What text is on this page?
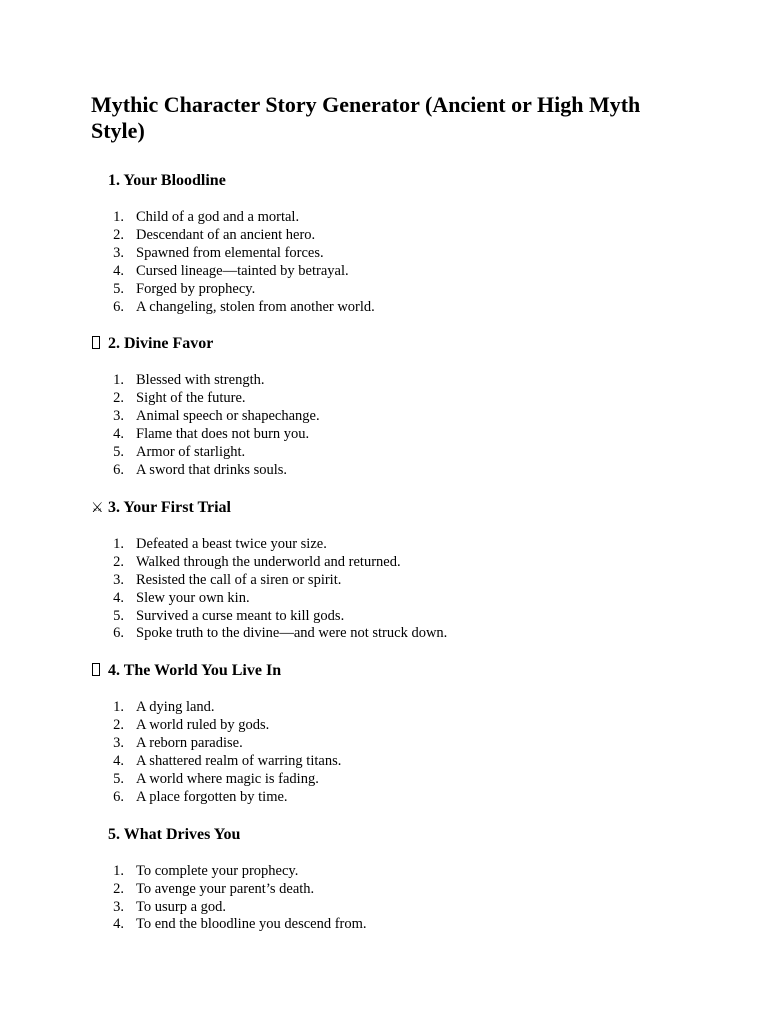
Mythic Character Story Generator (Ancient or High Myth Style)
1. Your Bloodline
1. Child of a god and a mortal.
2. Descendant of an ancient hero.
3. Spawned from elemental forces.
4. Cursed lineage—tainted by betrayal.
5. Forged by prophecy.
6. A changeling, stolen from another world.
2. Divine Favor
1. Blessed with strength.
2. Sight of the future.
3. Animal speech or shapechange.
4. Flame that does not burn you.
5. Armor of starlight.
6. A sword that drinks souls.
⚔ 3. Your First Trial
1. Defeated a beast twice your size.
2. Walked through the underworld and returned.
3. Resisted the call of a siren or spirit.
4. Slew your own kin.
5. Survived a curse meant to kill gods.
6. Spoke truth to the divine—and were not struck down.
4. The World You Live In
1. A dying land.
2. A world ruled by gods.
3. A reborn paradise.
4. A shattered realm of warring titans.
5. A world where magic is fading.
6. A place forgotten by time.
5. What Drives You
1. To complete your prophecy.
2. To avenge your parent’s death.
3. To usurp a god.
4. To end the bloodline you descend from.
